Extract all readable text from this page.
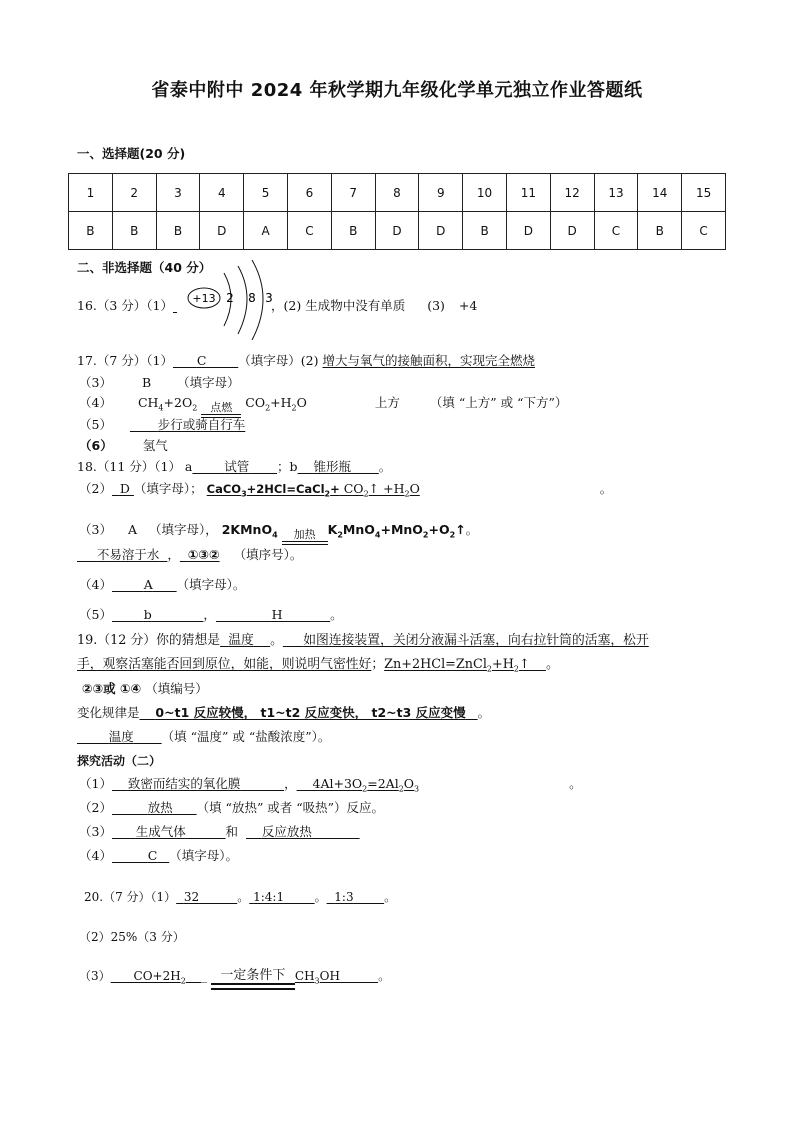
省泰中附中 2024 年秋学期九年级化学单元独立作业答题纸
一、选择题(20 分)
1	2	3	4	5	6	7	8	9	10	11	12	13	14	15
B	B	B	D	A	C	B	D	D	B	D	D	C	B	C
二、非选择题（40 分）
16.（3 分）（1）	，(2) 生成物中没有单质 (3) +4
+13 2 8 3
17.（7 分）（1） C	（填字母）(2) 增大与氧气的接触面积，实现完全燃烧
（3） B （填字母）
（4） $CH_4+2O_2$	点燃 $CO_2+H_2O$	上方 （填 “上方” 或 “下方”）
（5）	步行或骑自行车
（6） 氢气
18.（11 分）（1） a	试管 ；b 锥形瓶 。
（2） D （填字母）； CaCO$_3$+2HCl=CaCl$_2$+ $CO_2↑ +H_2O$	。
（3） A （填字母）， 2KMnO$_4$	加热 $K_2MnO_4+MnO_2+O_2↑$。
不易溶于水 ， ①③② （填序号）。
（4）	A （填字母）。
（5）	b	，	H	。
19.（12 分）你的猜想是 温度 。 如图连接装置，关闭分液漏斗活塞，向右拉针筒的活塞，松开
手，观察活塞能否回到原位，如能，则说明气密性好；$Zn+2HCl=ZnCl_2+H_2↑$    。
②③或 ①④ （填编号）
变化规律是 0~t1 反应较慢， t1~t2 反应变快， t2~t3 反应变慢 。
温度 （填 “温度” 或 “盐酸浓度”）。
探究活动（二）
（1） 致密而结实的氧化膜	，    $4Al+3O_2=2Al_2O_3$	。
（2）	放热 （填 “放热” 或者 “吸热”）反应。
（3） 生成气体	和 反应放热
（4）	C （填字母）。
20.（7 分）（1） 32	。 1:4:1	。 1:3	。
（2）25%（3 分）
（3）      $CO+2H_2$ _ 一定条件下 $CH_3OH$          。
